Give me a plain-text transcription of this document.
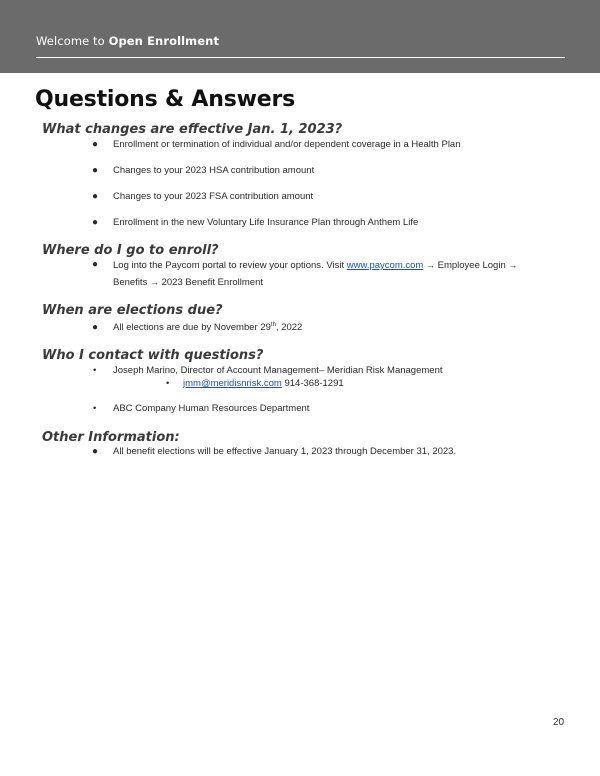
Welcome to Open Enrollment
Questions & Answers
What changes are effective Jan. 1, 2023?
● Enrollment or termination of individual and/or dependent coverage in a Health Plan
● Changes to your 2023 HSA contribution amount
● Changes to your 2023 FSA contribution amount
● Enrollment in the new Voluntary Life Insurance Plan through Anthem Life
Where do I go to enroll?
● Log into the Paycom portal to review your options. Visit www.paycom.com → Employee Login →
Benefits → 2023 Benefit Enrollment
When are elections due?
● All elections are due by November 29th, 2022
Who I contact with questions?
• Joseph Marino, Director of Account Management– Meridian Risk Management
• jmm@meridisnrisk.com 914-368-1291
• ABC Company Human Resources Department
Other Information:
● All benefit elections will be effective January 1, 2023 through December 31, 2023.
20
